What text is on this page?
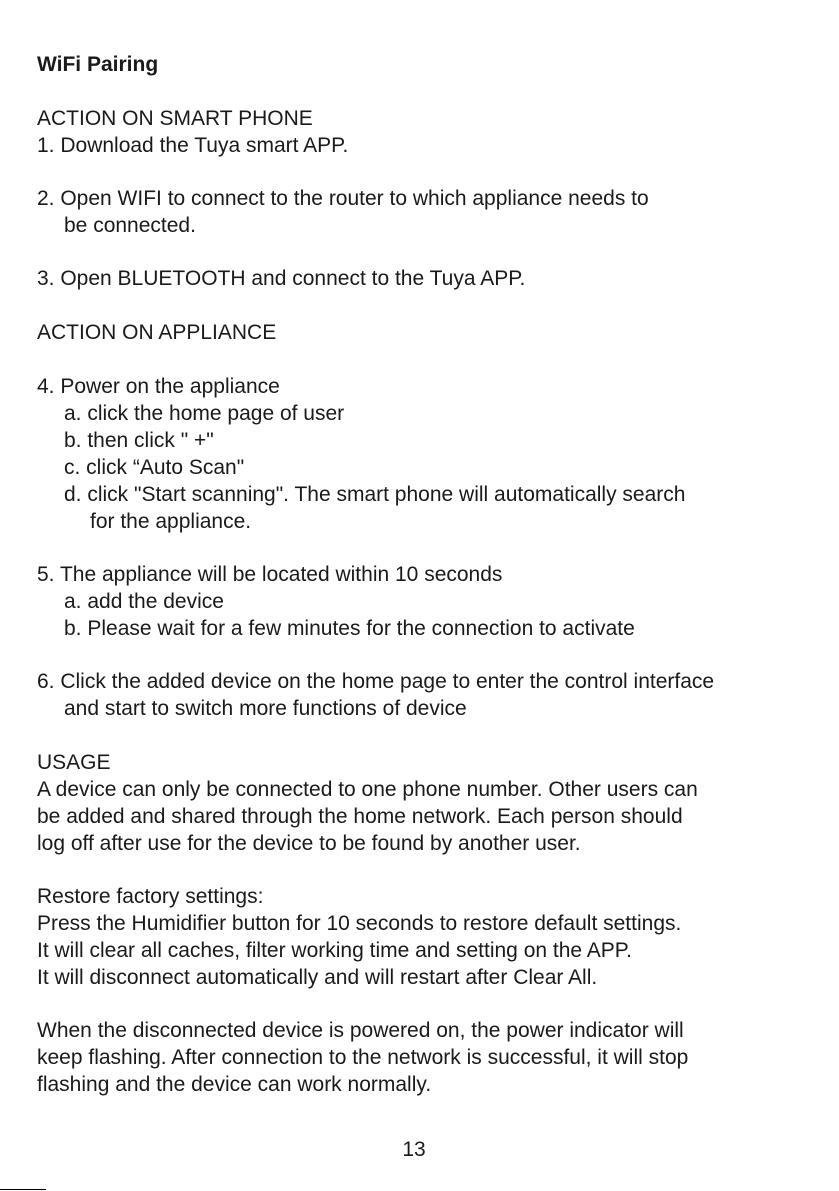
WiFi Pairing
ACTION ON SMART PHONE
1. Download the Tuya smart APP.
2. Open WIFI to connect to the router to which appliance needs to
be connected.
3. Open BLUETOOTH and connect to the Tuya APP.
ACTION ON APPLIANCE
4. Power on the appliance
a. click the home page of user
b. then click " +"
c. click “Auto Scan"
d. click "Start scanning". The smart phone will automatically search
for the appliance.
5. The appliance will be located within 10 seconds
a. add the device
b. Please wait for a few minutes for the connection to activate
6. Click the added device on the home page to enter the control interface
and start to switch more functions of device
USAGE
A device can only be connected to one phone number. Other users can
be added and shared through the home network. Each person should
log off after use for the device to be found by another user.
Restore factory settings:
Press the Humidifier button for 10 seconds to restore default settings.
It will clear all caches, filter working time and setting on the APP.
It will disconnect automatically and will restart after Clear All.
When the disconnected device is powered on, the power indicator will
keep flashing. After connection to the network is successful, it will stop
flashing and the device can work normally.
13
